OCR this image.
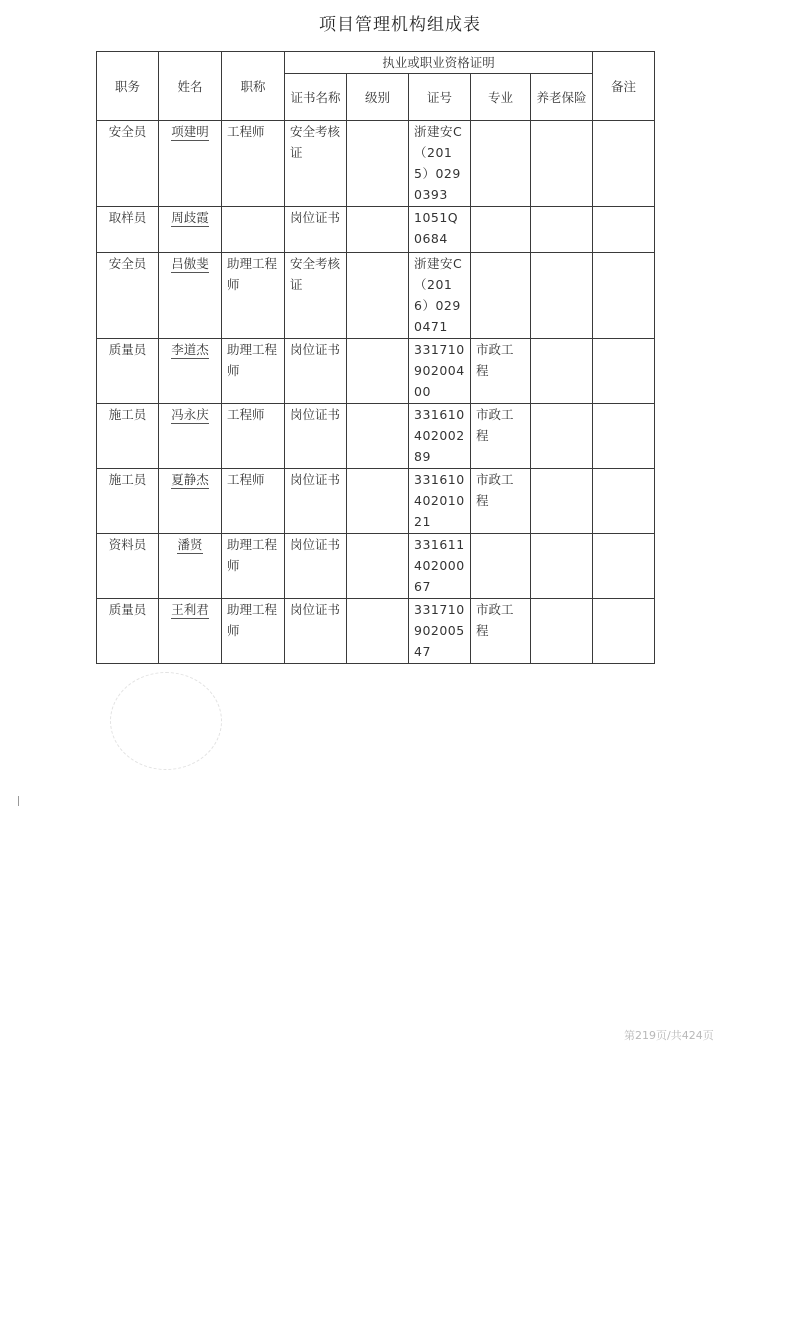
项目管理机构组成表
职务	姓名	职称	执业或职业资格证明					备注
			证书名称	级别	证号	专业	养老保险	
安全员	项建明	工程师	安全考核证		浙建安C（2015）0290393			
取样员	周歧霞		岗位证书		1051Q0684			
安全员	吕傲斐	助理工程师	安全考核证		浙建安C（2016）0290471			
质量员	李道杰	助理工程师	岗位证书		33171090200400	市政工程		
施工员	冯永庆	工程师	岗位证书		33161040200289	市政工程		
施工员	夏静杰	工程师	岗位证书		33161040201021	市政工程		
资料员	潘贤	助理工程师	岗位证书		33161140200067			
质量员	王利君	助理工程师	岗位证书		33171090200547	市政工程		
第219页/共424页
